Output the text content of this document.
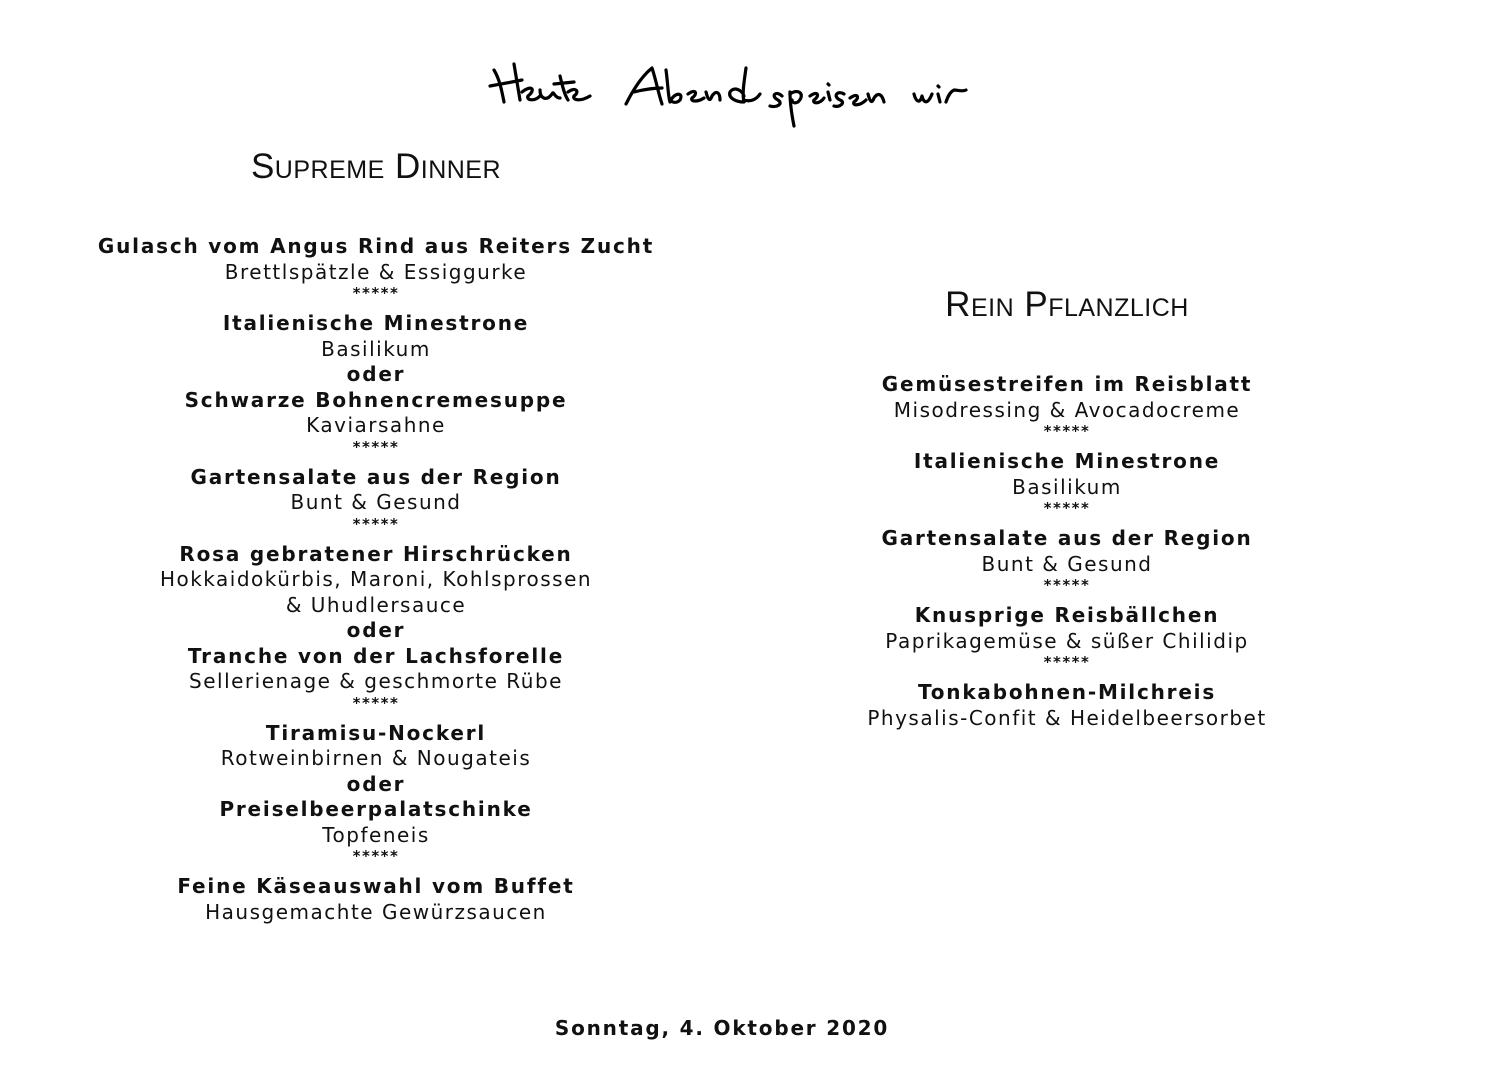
Supreme Dinner
Gulasch vom Angus Rind aus Reiters Zucht
Brettlspätzle & Essiggurke
*****
Italienische Minestrone
Basilikum
oder
Schwarze Bohnencremesuppe
Kaviarsahne
*****
Gartensalate aus der Region
Bunt & Gesund
*****
Rosa gebratener Hirschrücken
Hokkaidokürbis, Maroni, Kohlsprossen
& Uhudlersauce
oder
Tranche von der Lachsforelle
Sellerienage & geschmorte Rübe
*****
Tiramisu-Nockerl
Rotweinbirnen & Nougateis
oder
Preiselbeerpalatschinke
Topfeneis
*****
Feine Käseauswahl vom Buffet
Hausgemachte Gewürzsaucen
Rein Pflanzlich
Gemüsestreifen im Reisblatt
Misodressing & Avocadocreme
*****
Italienische Minestrone
Basilikum
*****
Gartensalate aus der Region
Bunt & Gesund
*****
Knusprige Reisbällchen
Paprikagemüse & süßer Chilidip
*****
Tonkabohnen-Milchreis
Physalis-Confit & Heidelbeersorbet
Sonntag, 4. Oktober 2020
